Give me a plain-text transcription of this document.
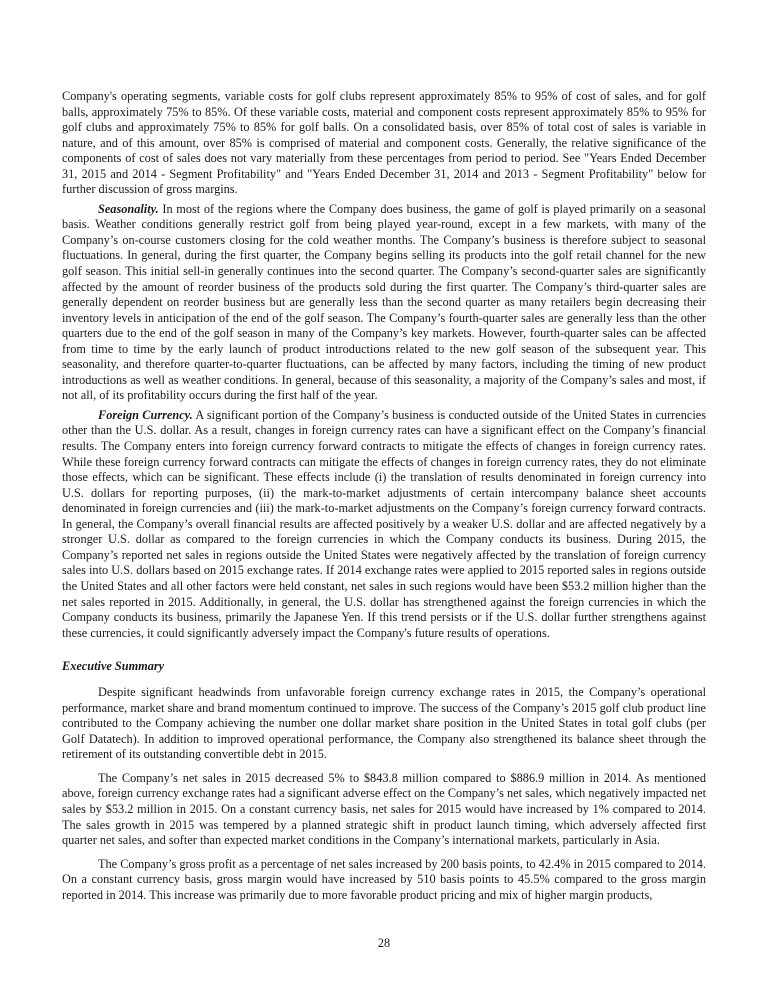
Company's operating segments, variable costs for golf clubs represent approximately 85% to 95% of cost of sales, and for golf balls, approximately 75% to 85%. Of these variable costs, material and component costs represent approximately 85% to 95% for golf clubs and approximately 75% to 85% for golf balls. On a consolidated basis, over 85% of total cost of sales is variable in nature, and of this amount, over 85% is comprised of material and component costs. Generally, the relative significance of the components of cost of sales does not vary materially from these percentages from period to period. See "Years Ended December 31, 2015 and 2014 - Segment Profitability" and "Years Ended December 31, 2014 and 2013 - Segment Profitability" below for further discussion of gross margins.

Seasonality. In most of the regions where the Company does business, the game of golf is played primarily on a seasonal basis. Weather conditions generally restrict golf from being played year-round, except in a few markets, with many of the Company’s on-course customers closing for the cold weather months. The Company’s business is therefore subject to seasonal fluctuations. In general, during the first quarter, the Company begins selling its products into the golf retail channel for the new golf season. This initial sell-in generally continues into the second quarter. The Company’s second-quarter sales are significantly affected by the amount of reorder business of the products sold during the first quarter. The Company’s third-quarter sales are generally dependent on reorder business but are generally less than the second quarter as many retailers begin decreasing their inventory levels in anticipation of the end of the golf season. The Company’s fourth-quarter sales are generally less than the other quarters due to the end of the golf season in many of the Company’s key markets. However, fourth-quarter sales can be affected from time to time by the early launch of product introductions related to the new golf season of the subsequent year. This seasonality, and therefore quarter-to-quarter fluctuations, can be affected by many factors, including the timing of new product introductions as well as weather conditions. In general, because of this seasonality, a majority of the Company’s sales and most, if not all, of its profitability occurs during the first half of the year.

Foreign Currency. A significant portion of the Company’s business is conducted outside of the United States in currencies other than the U.S. dollar. As a result, changes in foreign currency rates can have a significant effect on the Company’s financial results. The Company enters into foreign currency forward contracts to mitigate the effects of changes in foreign currency rates. While these foreign currency forward contracts can mitigate the effects of changes in foreign currency rates, they do not eliminate those effects, which can be significant. These effects include (i) the translation of results denominated in foreign currency into U.S. dollars for reporting purposes, (ii) the mark-to-market adjustments of certain intercompany balance sheet accounts denominated in foreign currencies and (iii) the mark-to-market adjustments on the Company’s foreign currency forward contracts. In general, the Company’s overall financial results are affected positively by a weaker U.S. dollar and are affected negatively by a stronger U.S. dollar as compared to the foreign currencies in which the Company conducts its business. During 2015, the Company’s reported net sales in regions outside the United States were negatively affected by the translation of foreign currency sales into U.S. dollars based on 2015 exchange rates. If 2014 exchange rates were applied to 2015 reported sales in regions outside the United States and all other factors were held constant, net sales in such regions would have been $53.2 million higher than the net sales reported in 2015. Additionally, in general, the U.S. dollar has strengthened against the foreign currencies in which the Company conducts its business, primarily the Japanese Yen. If this trend persists or if the U.S. dollar further strengthens against these currencies, it could significantly adversely impact the Company's future results of operations.

Executive Summary

Despite significant headwinds from unfavorable foreign currency exchange rates in 2015, the Company’s operational performance, market share and brand momentum continued to improve. The success of the Company’s 2015 golf club product line contributed to the Company achieving the number one dollar market share position in the United States in total golf clubs (per Golf Datatech). In addition to improved operational performance, the Company also strengthened its balance sheet through the retirement of its outstanding convertible debt in 2015.

The Company’s net sales in 2015 decreased 5% to $843.8 million compared to $886.9 million in 2014. As mentioned above, foreign currency exchange rates had a significant adverse effect on the Company’s net sales, which negatively impacted net sales by $53.2 million in 2015. On a constant currency basis, net sales for 2015 would have increased by 1% compared to 2014. The sales growth in 2015 was tempered by a planned strategic shift in product launch timing, which adversely affected first quarter net sales, and softer than expected market conditions in the Company’s international markets, particularly in Asia.

The Company’s gross profit as a percentage of net sales increased by 200 basis points, to 42.4% in 2015 compared to 2014. On a constant currency basis, gross margin would have increased by 510 basis points to 45.5% compared to the gross margin reported in 2014. This increase was primarily due to more favorable product pricing and mix of higher margin products,

28
